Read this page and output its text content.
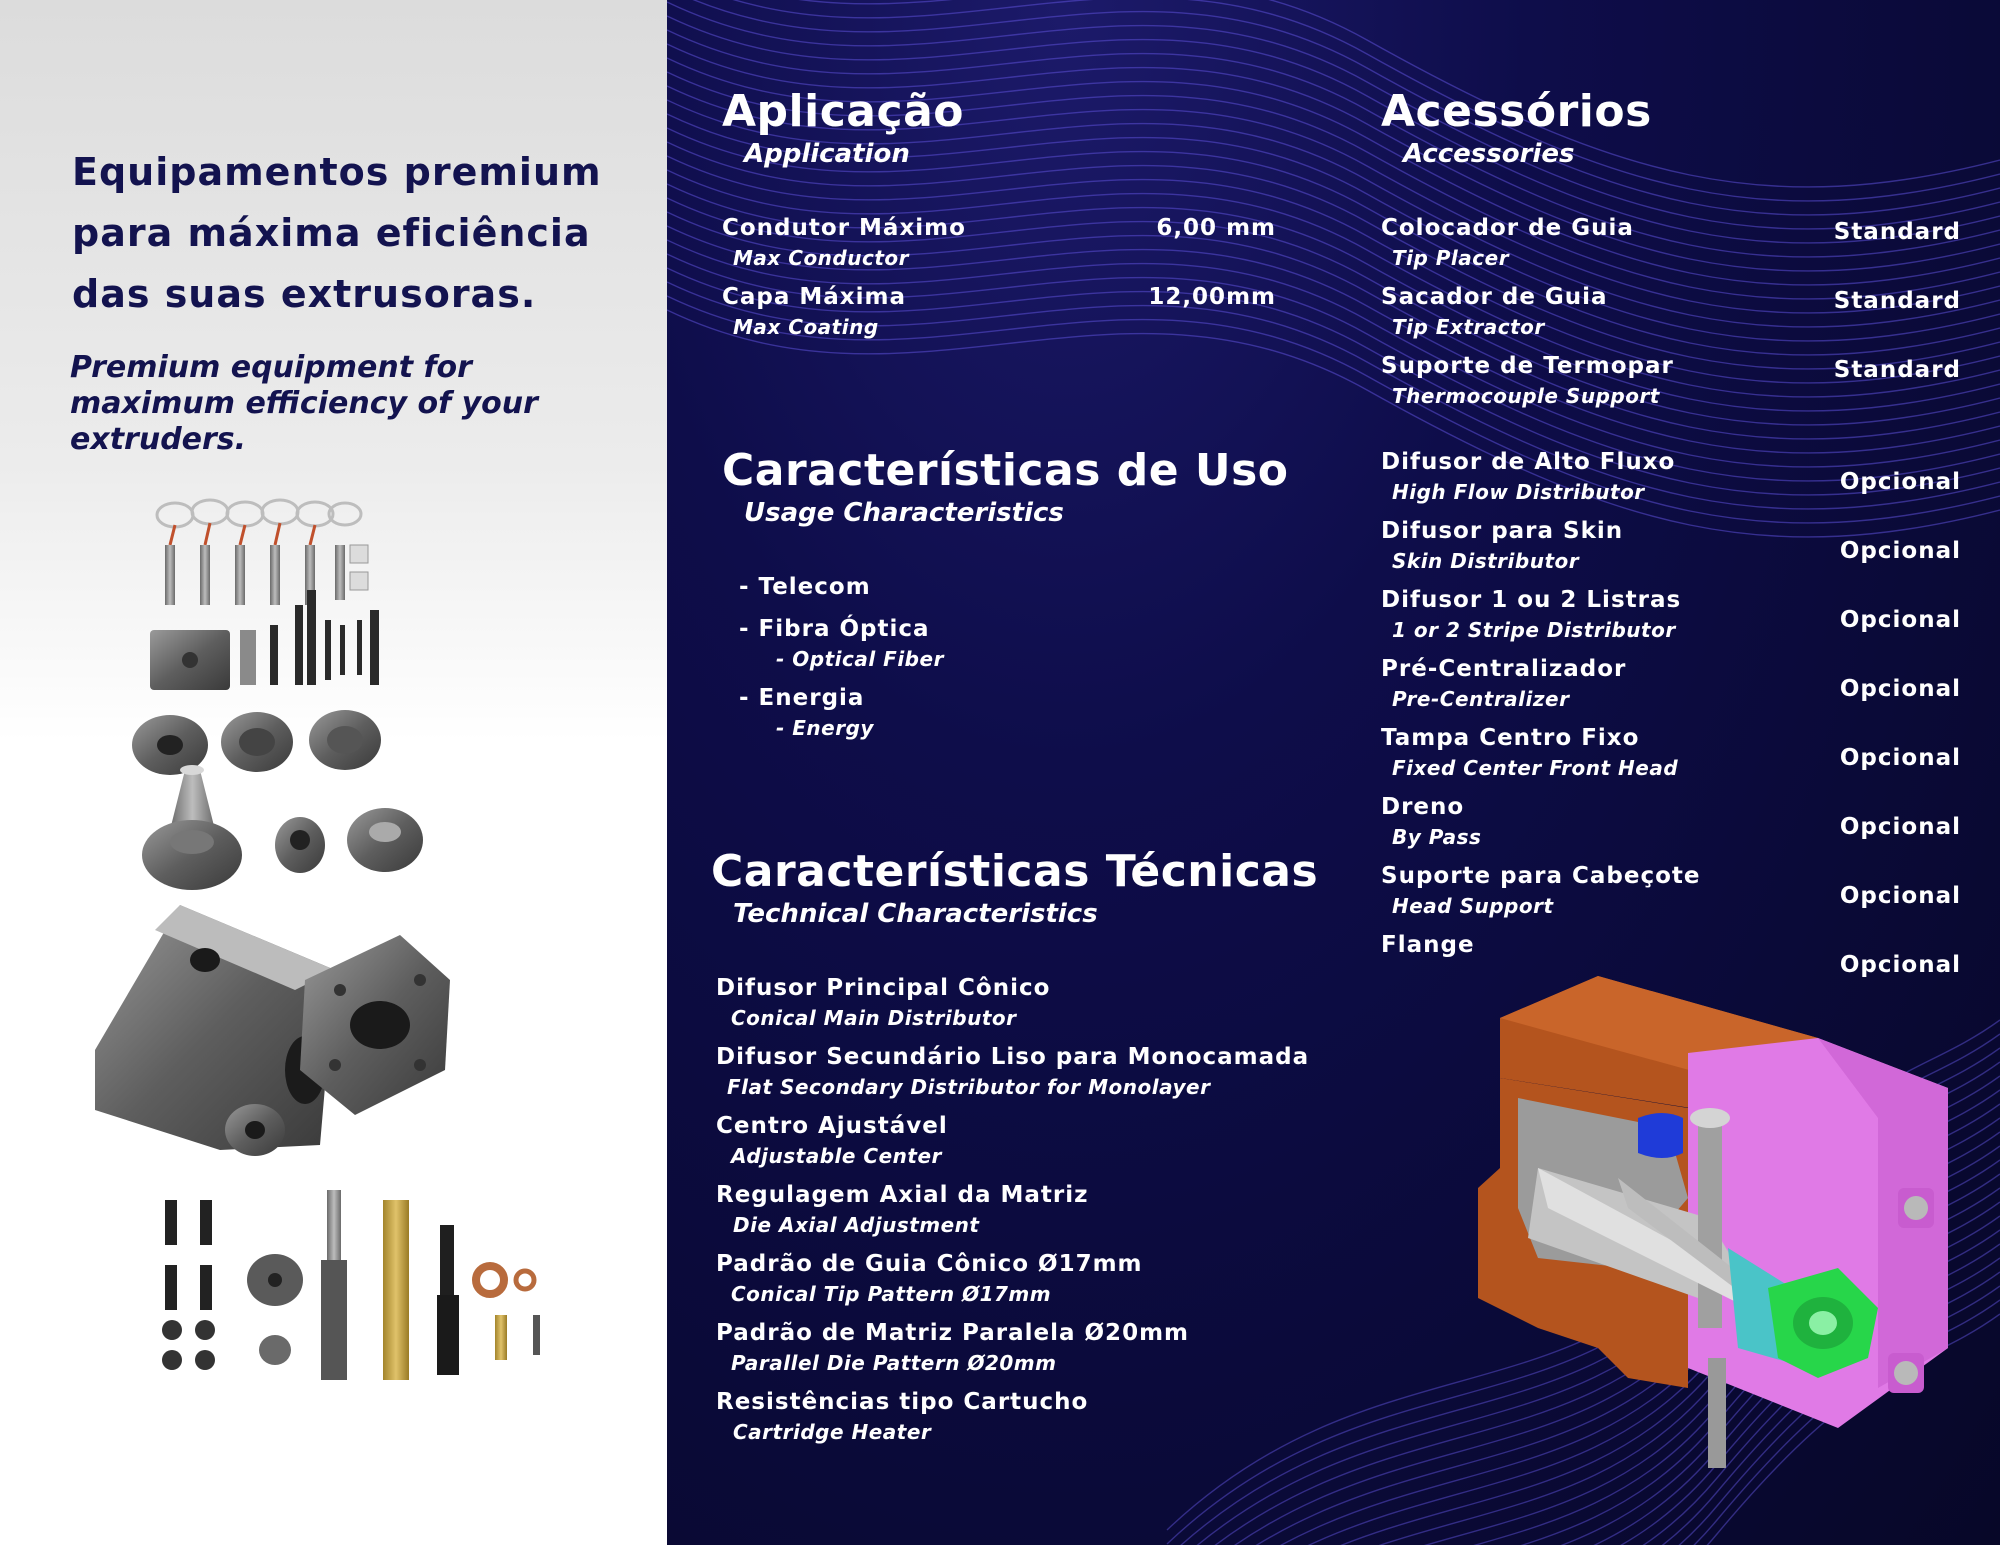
Equipamentos premium
para máxima eficiência
das suas extrusoras.
Premium equipment for
maximum efficiency of your
extruders.
Aplicação
Application
Condutor Máximo
Max Conductor
6,00 mm
Capa Máxima
Max Coating
12,00mm
Características de Uso
Usage Characteristics
- Telecom
- Fibra Óptica
- Optical Fiber
- Energia
- Energy
Características Técnicas
Technical Characteristics
Difusor Principal Cônico
Conical Main Distributor
Difusor Secundário Liso para Monocamada
Flat Secondary Distributor for Monolayer
Centro Ajustável
Adjustable Center
Regulagem Axial da Matriz
Die Axial Adjustment
Padrão de Guia Cônico Ø17mm
Conical Tip Pattern Ø17mm
Padrão de Matriz Paralela Ø20mm
Parallel Die Pattern Ø20mm
Resistências tipo Cartucho
Cartridge Heater
Acessórios
Accessories
Colocador de Guia
Tip Placer
Standard
Sacador de Guia
Tip Extractor
Standard
Suporte de Termopar
Thermocouple Support
Standard
Difusor de Alto Fluxo
High Flow Distributor	Opcional
Difusor para Skin
Skin Distributor	Opcional
Difusor 1 ou 2 Listras
1 or 2 Stripe Distributor	Opcional
Pré-Centralizador
Pre-Centralizer	Opcional
Tampa Centro Fixo
Fixed Center Front Head	Opcional
Dreno
By Pass	Opcional
Suporte para Cabeçote
Head Support	Opcional
Flange
Opcional
